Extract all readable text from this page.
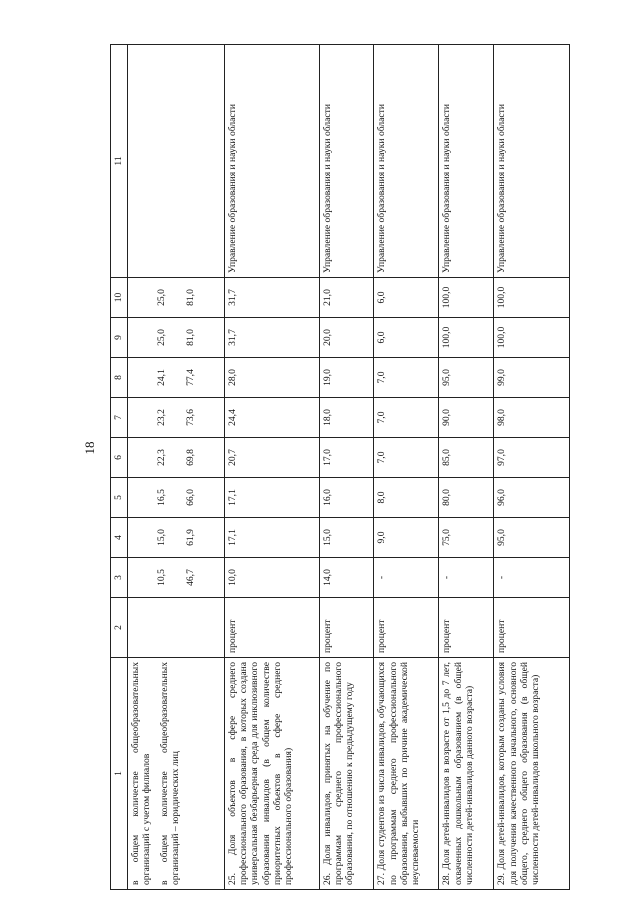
18
1	2	3	4	5	6	7	8	9	10	11

в общем количестве общеобразовательных организаций с учетом филиалов в общем количестве общеобразовательных организаций – юридических лиц		10,5 46,7	15,0 61,9	16,5 66,0	22,3 69,8	23,2 73,6	24,1 77,4	25,0 81,0	25,0 81,0	

25. Доля объектов в сфере среднего профессионального образования, в которых создана универсальная безбарьерная среда для инклюзивного образования инвалидов (в общем количестве приоритетных объектов в сфере среднего профессионального образования)	процент	10,0	17,1	17,1	20,7	24,4	28,0	31,7	31,7	Управление образования и науки области
26. Доля инвалидов, принятых на обучение по программам среднего профессионального образования, по отношению к предыдущему году	процент	14,0	15,0	16,0	17,0	18,0	19,0	20,0	21,0	Управление образования и науки области
27. Доля студентов из числа инвалидов, обучающихся по программам среднего профессионального образования, выбывших по причине академической неуспеваемости	процент	-	9,0	8,0	7,0	7,0	7,0	6,0	6,0	Управление образования и науки области
28. Доля детей-инвалидов в возрасте от 1,5 до 7 лет, охваченных дошкольным образованием (в общей численности детей-инвалидов данного возраста)	процент	-	75,0	80,0	85,0	90,0	95,0	100,0	100,0	Управление образования и науки области
29. Доля детей-инвалидов, которым созданы условия для получения качественного начального, основного общего, среднего общего образования (в общей численности детей-инвалидов школьного возраста)	процент	-	95,0	96,0	97,0	98,0	99,0	100,0	100,0	Управление образования и науки области
